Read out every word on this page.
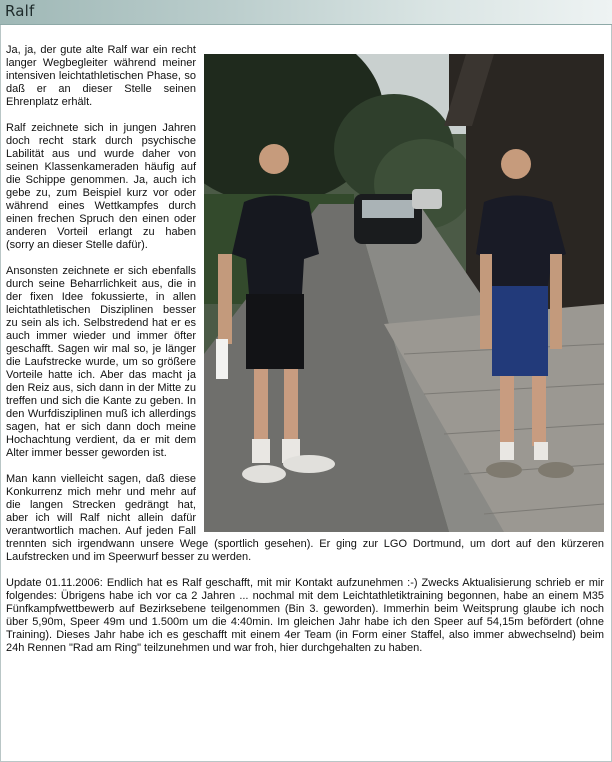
Ralf

Ja, ja, der gute alte Ralf war ein recht langer Wegbegleiter während meiner intensiven leichtathletischen Phase, so daß er an dieser Stelle seinen Ehrenplatz erhält.

Ralf zeichnete sich in jungen Jahren doch recht stark durch psychische Labilität aus und wurde daher von seinen Klassenkameraden häufig auf die Schippe genommen. Ja, auch ich gebe zu, zum Beispiel kurz vor oder während eines Wettkampfes durch einen frechen Spruch den einen oder anderen Vorteil erlangt zu haben (sorry an dieser Stelle dafür).

Ansonsten zeichnete er sich ebenfalls durch seine Beharrlichkeit aus, die in der fixen Idee fokussierte, in allen leichtathletischen Disziplinen besser zu sein als ich. Selbstredend hat er es auch immer wieder und immer öfter geschafft. Sagen wir mal so, je länger die Laufstrecke wurde, um so größere Vorteile hatte ich. Aber das macht ja den Reiz aus, sich dann in der Mitte zu treffen und sich die Kante zu geben. In den Wurfdisziplinen muß ich allerdings sagen, hat er sich dann doch meine Hochachtung verdient, da er mit dem Alter immer besser geworden ist.

Man kann vielleicht sagen, daß diese Konkurrenz mich mehr und mehr auf die langen Strecken gedrängt hat, aber ich will Ralf nicht allein dafür verantwortlich machen. Auf jeden Fall trennten sich irgendwann unsere Wege (sportlich gesehen). Er ging zur LGO Dortmund, um dort auf den kürzeren Laufstrecken und im Speerwurf besser zu werden.

Update 01.11.2006: Endlich hat es Ralf geschafft, mit mir Kontakt aufzunehmen :-) Zwecks Aktualisierung schrieb er mir folgendes: Übrigens habe ich vor ca 2 Jahren ... nochmal mit dem Leichtathletiktraining begonnen, habe an einem M35 Fünfkampfwettbewerb auf Bezirksebene teilgenommen (Bin 3. geworden). Immerhin beim Weitsprung glaube ich noch über 5,90m, Speer 49m und 1.500m um die 4:40min. Im gleichen Jahr habe ich den Speer auf 54,15m befördert (ohne Training). Dieses Jahr habe ich es geschafft mit einem 4er Team (in Form einer Staffel, also immer abwechselnd) beim 24h Rennen "Rad am Ring" teilzunehmen und war froh, hier durchgehalten zu haben.
